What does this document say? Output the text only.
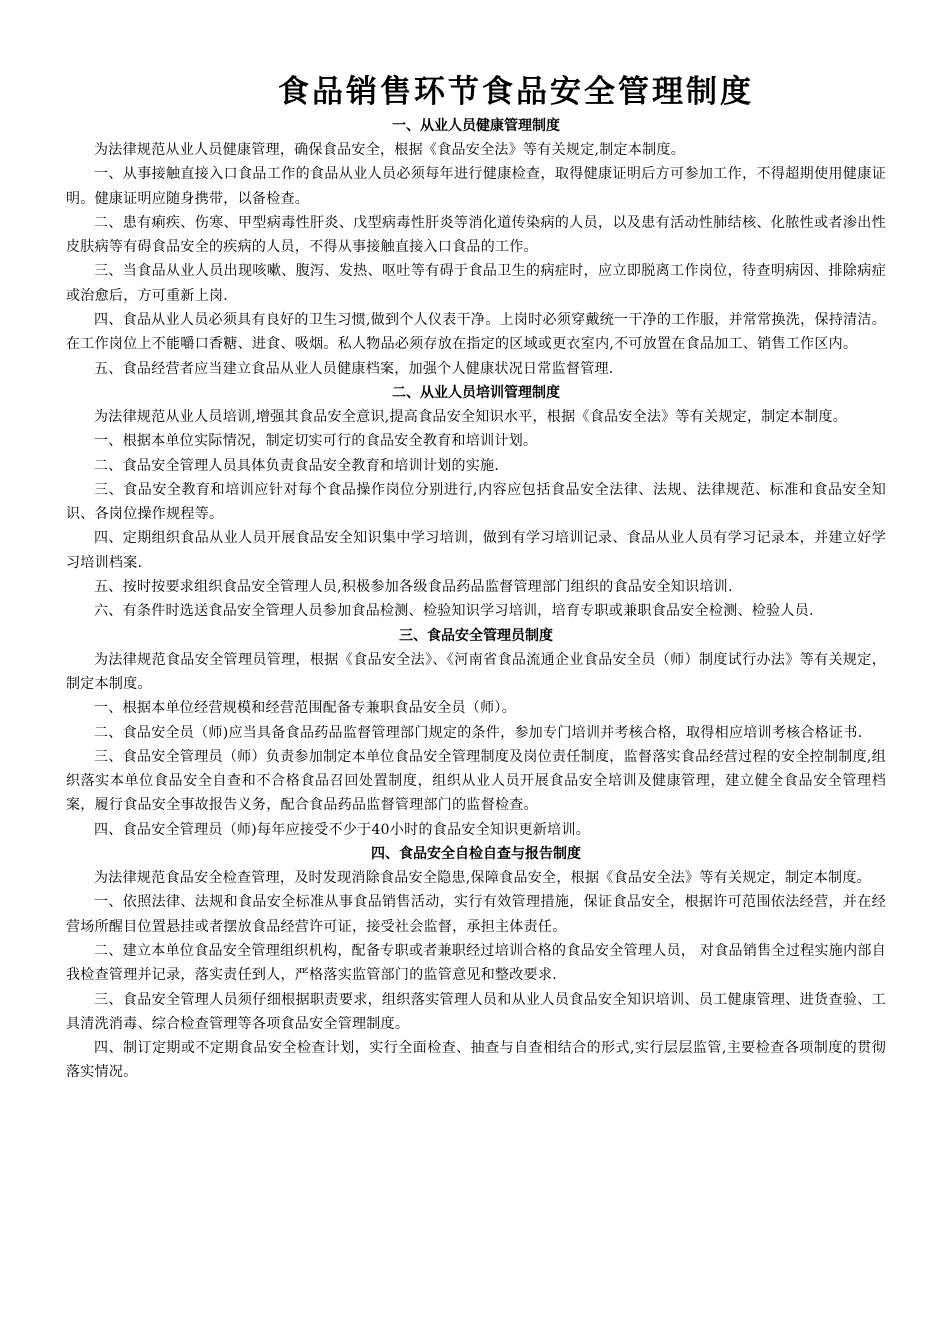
食品销售环节食品安全管理制度
一、从业人员健康管理制度

为法律规范从业人员健康管理，确保食品安全，根据《食品安全法》等有关规定,制定本制度。

一、从事接触直接入口食品工作的食品从业人员必须每年进行健康检查，取得健康证明后方可参加工作，不得超期使用健康证明。健康证明应随身携带，以备检查。

二、患有痢疾、伤寒、甲型病毒性肝炎、戊型病毒性肝炎等消化道传染病的人员，以及患有活动性肺结核、化脓性或者渗出性皮肤病等有碍食品安全的疾病的人员，不得从事接触直接入口食品的工作。

三、当食品从业人员出现咳嗽、腹泻、发热、呕吐等有碍于食品卫生的病症时，应立即脱离工作岗位，待查明病因、排除病症或治愈后，方可重新上岗.

四、食品从业人员必须具有良好的卫生习惯,做到个人仪表干净。上岗时必须穿戴统一干净的工作服，并常常换洗，保持清洁。在工作岗位上不能嚼口香糖、进食、吸烟。私人物品必须存放在指定的区域或更衣室内,不可放置在食品加工、销售工作区内。

五、食品经营者应当建立食品从业人员健康档案，加强个人健康状况日常监督管理.

二、从业人员培训管理制度

为法律规范从业人员培训,增强其食品安全意识,提高食品安全知识水平，根据《食品安全法》等有关规定，制定本制度。

一、根据本单位实际情况，制定切实可行的食品安全教育和培训计划。

二、食品安全管理人员具体负责食品安全教育和培训计划的实施.

三、食品安全教育和培训应针对每个食品操作岗位分别进行,内容应包括食品安全法律、法规、法律规范、标准和食品安全知识、各岗位操作规程等。

四、定期组织食品从业人员开展食品安全知识集中学习培训，做到有学习培训记录、食品从业人员有学习记录本，并建立好学习培训档案.

五、按时按要求组织食品安全管理人员,积极参加各级食品药品监督管理部门组织的食品安全知识培训.

六、有条件时选送食品安全管理人员参加食品检测、检验知识学习培训，培育专职或兼职食品安全检测、检验人员.

三、食品安全管理员制度

为法律规范食品安全管理员管理，根据《食品安全法》、《河南省食品流通企业食品安全员（师）制度试行办法》等有关规定，制定本制度。

一、根据本单位经营规模和经营范围配备专兼职食品安全员（师）。

二、食品安全员（师)应当具备食品药品监督管理部门规定的条件，参加专门培训并考核合格，取得相应培训考核合格证书.

三、食品安全管理员（师）负责参加制定本单位食品安全管理制度及岗位责任制度，监督落实食品经营过程的安全控制制度,组织落实本单位食品安全自查和不合格食品召回处置制度，组织从业人员开展食品安全培训及健康管理，建立健全食品安全管理档案，履行食品安全事故报告义务，配合食品药品监督管理部门的监督检查。

四、食品安全管理员（师)每年应接受不少于40小时的食品安全知识更新培训。

四、食品安全自检自查与报告制度

为法律规范食品安全检查管理，及时发现消除食品安全隐患,保障食品安全，根据《食品安全法》等有关规定，制定本制度。

一、依照法律、法规和食品安全标准从事食品销售活动，实行有效管理措施，保证食品安全，根据许可范围依法经营，并在经营场所醒目位置悬挂或者摆放食品经营许可证，接受社会监督，承担主体责任。

二、建立本单位食品安全管理组织机构，配备专职或者兼职经过培训合格的食品安全管理人员， 对食品销售全过程实施内部自我检查管理并记录，落实责任到人，严格落实监管部门的监管意见和整改要求.

三、食品安全管理人员须仔细根据职责要求，组织落实管理人员和从业人员食品安全知识培训、员工健康管理、进货查验、工具清洗消毒、综合检查管理等各项食品安全管理制度。

四、制订定期或不定期食品安全检查计划，实行全面检查、抽查与自查相结合的形式,实行层层监管,主要检查各项制度的贯彻落实情况。
